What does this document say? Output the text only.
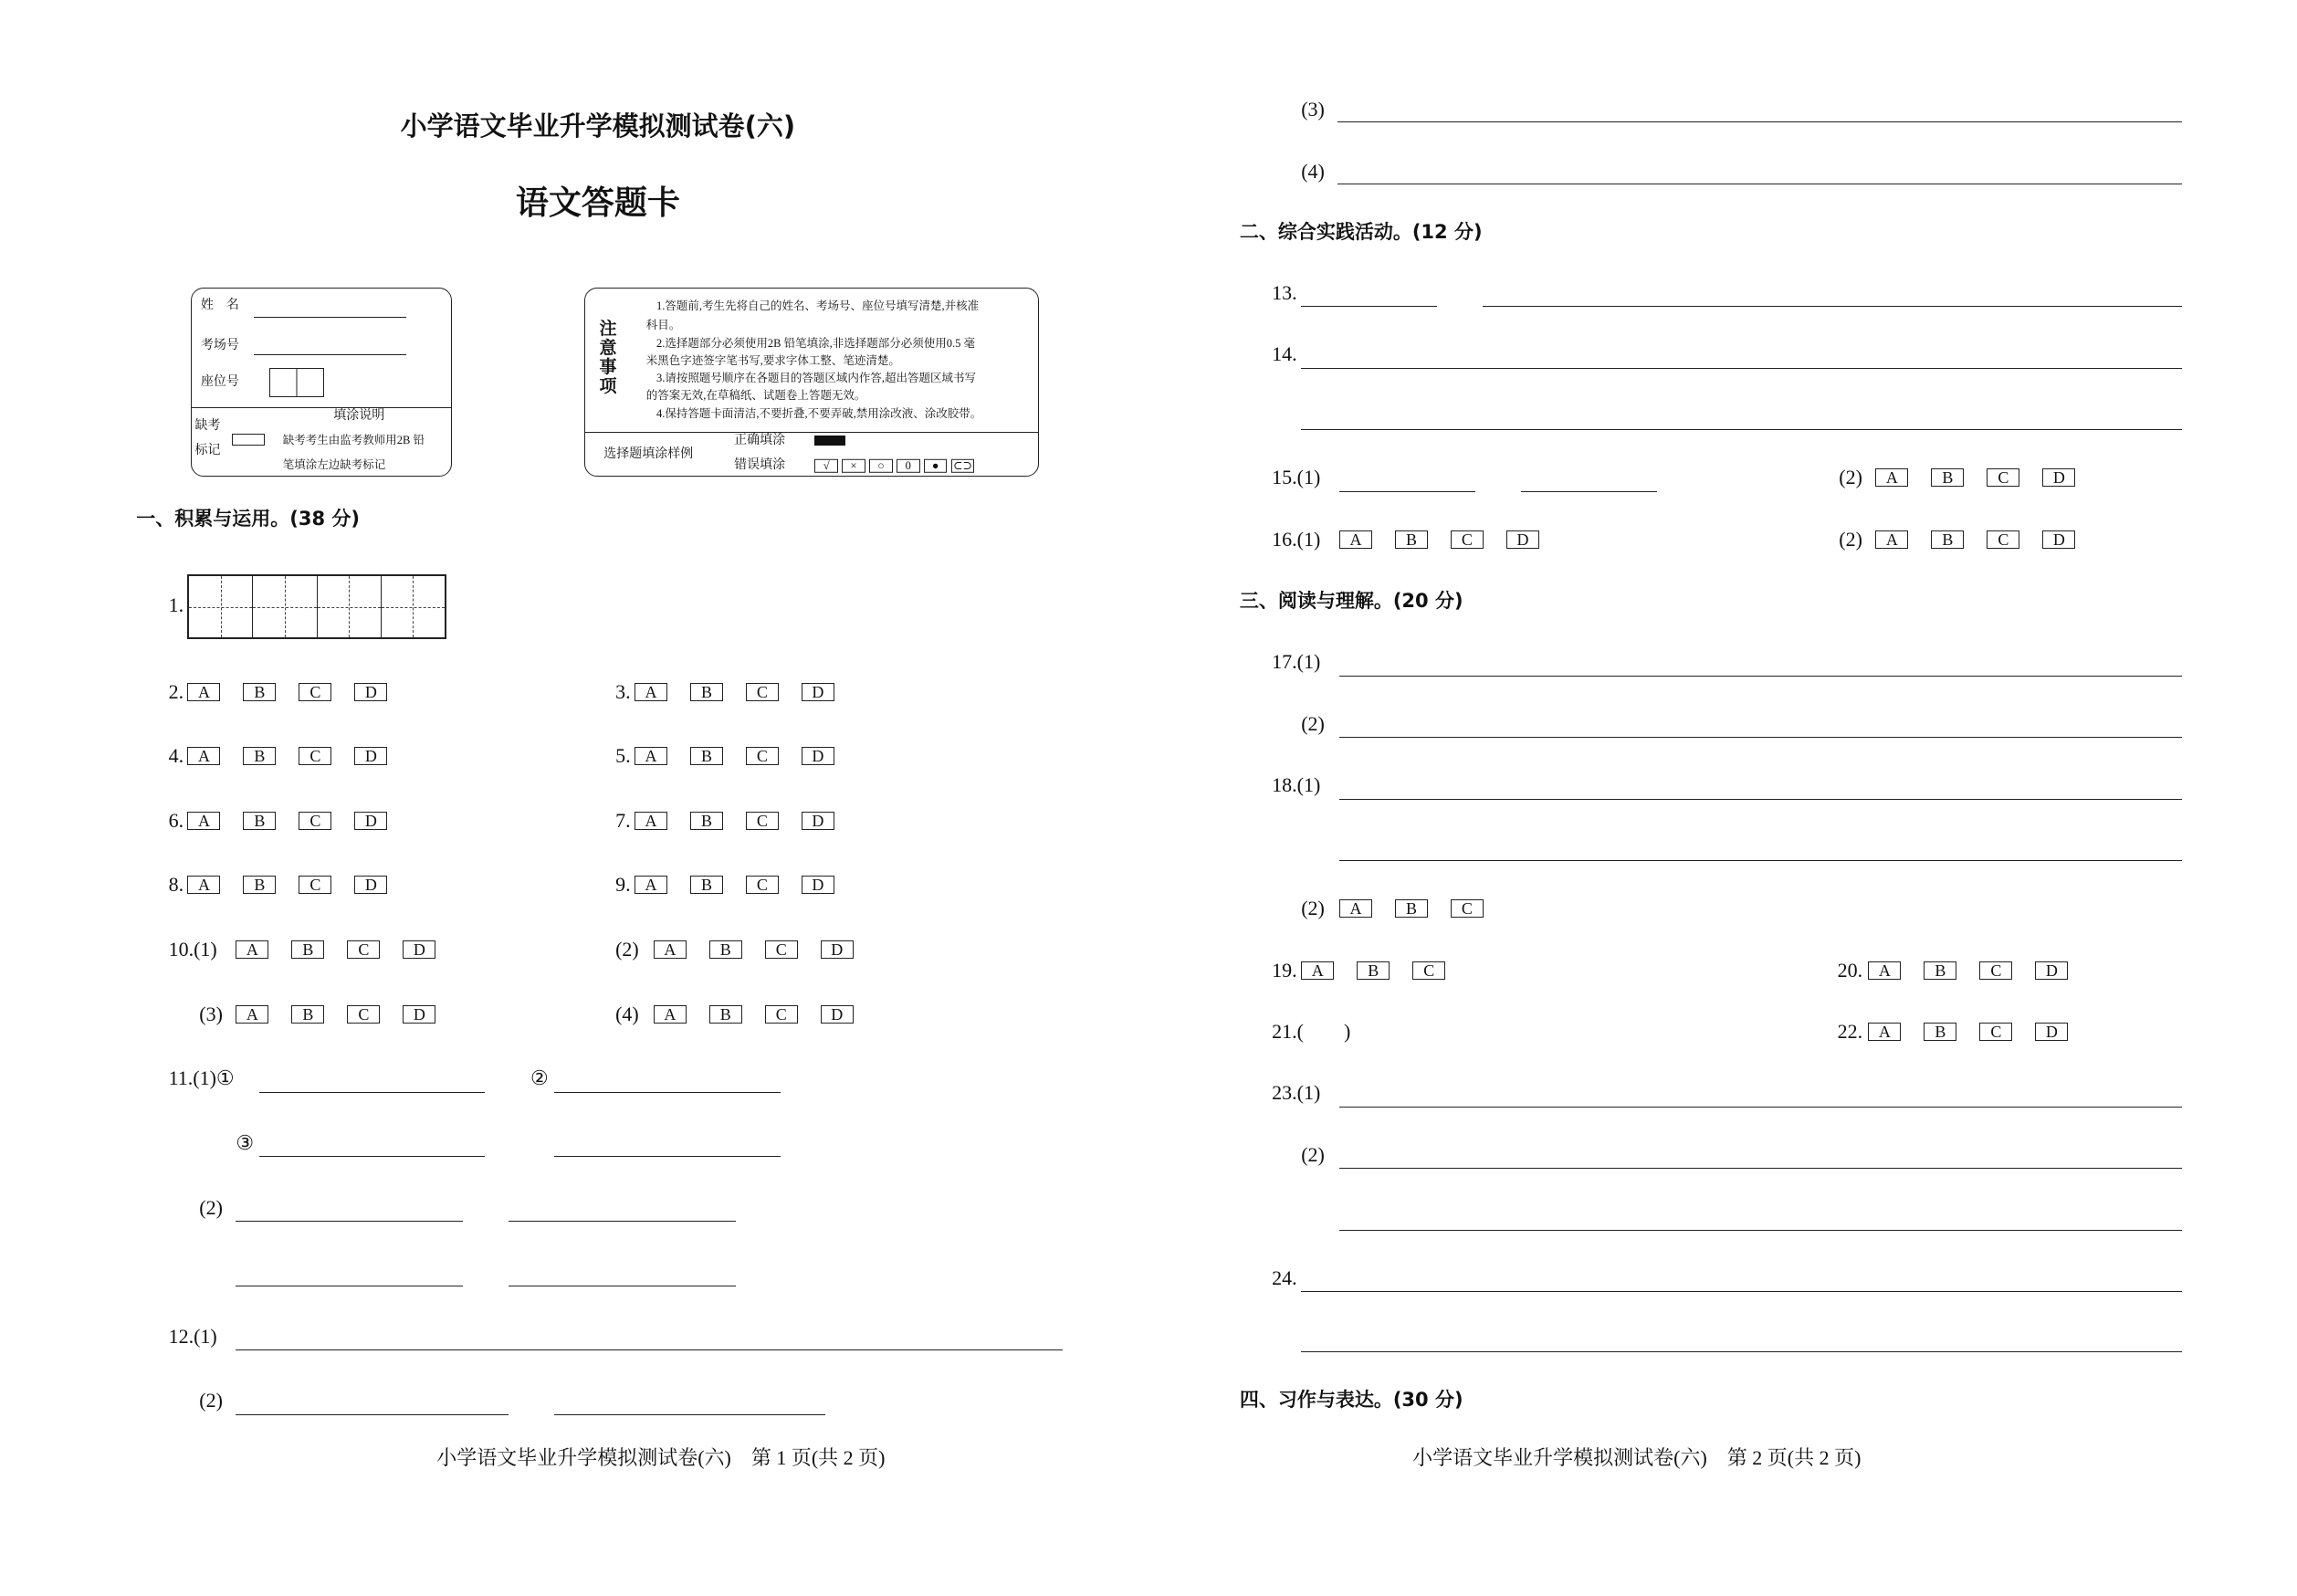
注意事项
小学语文毕业升学模拟测试卷(六)
语文答题卡
姓　名
考场号
座位号
填涂说明
缺考
标记
缺考考生由监考教师用2B 铅
笔填涂左边缺考标记
1.答题前,考生先将自己的姓名、考场号、座位号填写清楚,并核准
科目。
2.选择题部分必须使用2B 铅笔填涂,非选择题部分必须使用0.5 毫
米黑色字迹签字笔书写,要求字体工整、笔迹清楚。
3.请按照题号顺序在各题目的答题区域内作答,超出答题区域书写
的答案无效,在草稿纸、试题卷上答题无效。
4.保持答题卡面清洁,不要折叠,不要弄破,禁用涂改液、涂改胶带。
选择题填涂样例
正确填涂
错误填涂	√	×	○	0	●	⊂⊃
一、积累与运用。(38 分)
1.
2. A	B	C	D	3. A	B	C	D
4. A	B	C	D	5. A	B	C	D
6. A	B	C	D	7. A	B	C	D
8. A	B	C	D	9. A	B	C	D
10.(1)	A	B	C	D	(2)	A	B	C	D
(3)	A	B	C	D	(4)	A	B	C	D
11.(1)①	②
③
(2)
12.(1)
(2)
小学语文毕业升学模拟测试卷(六)　第 1 页(共 2 页)
(3)
(4)
二、综合实践活动。(12 分)
13.
14.
15.(1)	(2)	A	B	C	D
16.(1)	A	B	C	D	(2)	A	B	C	D
三、阅读与理解。(20 分)
17.(1)
(2)
18.(1)
(2)	A	B	C
19. A	B	C	20. A	B	C	D
21.(　　)	22. A	B	C	D
23.(1)
(2)
24.
四、习作与表达。(30 分)
小学语文毕业升学模拟测试卷(六)　第 2 页(共 2 页)
